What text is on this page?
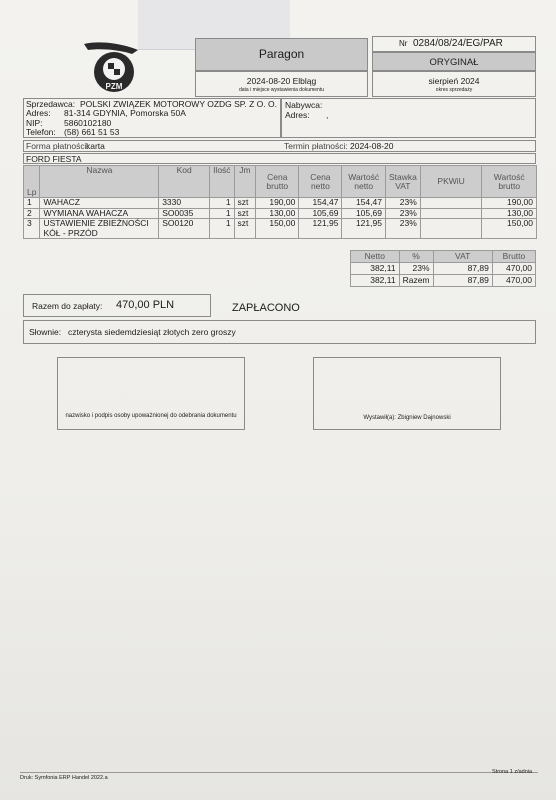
PZM
Paragon
2024-08-20 Elbląg
data i miejsce wystawienia dokumentu
Nr 0284/08/24/EG/PAR
ORYGINAŁ
sierpień 2024
okres sprzedaży
Sprzedawca: POLSKI ZWIĄZEK MOTOROWY OZDG SP. Z O. O.
Adres: 81-314 GDYNIA, Pomorska 50A
NIP:	5860102180
Telefon: (58) 661 51 53
Nabywca:
Adres: ,
Forma płatności:
karta	Termin płatności: 2024-08-20
FORD FIESTA
Lp	Nazwa	Kod	Ilość	Jm	Cena brutto	Cena netto	Wartość netto	Stawka VAT	PKWiU	Wartość brutto
1	WAHACZ	3330	1	szt	190,00	154,47	154,47	23%		190,00
2	WYMIANA WAHACZA	SO0035	1	szt	130,00	105,69	105,69	23%		130,00
3	USTAWIENIE ZBIEŻNOŚCI
KÓŁ - PRZÓD	SO0120	1	szt	150,00	121,95	121,95	23%		150,00
Netto	%	VAT	Brutto
382,11	23%	87,89	470,00
382,11	Razem	87,89	470,00
Razem do zapłaty: 470,00 PLN	ZAPŁACONO
Słownie: czterysta siedemdziesiąt złotych zero groszy
nazwisko i podpis osoby upoważnionej do odebrania dokumentu	Wystawił(a): Zbigniew Dajnowski
Druk: Symfonia ERP Handel 2022.a
Strona 1 z/adnia
